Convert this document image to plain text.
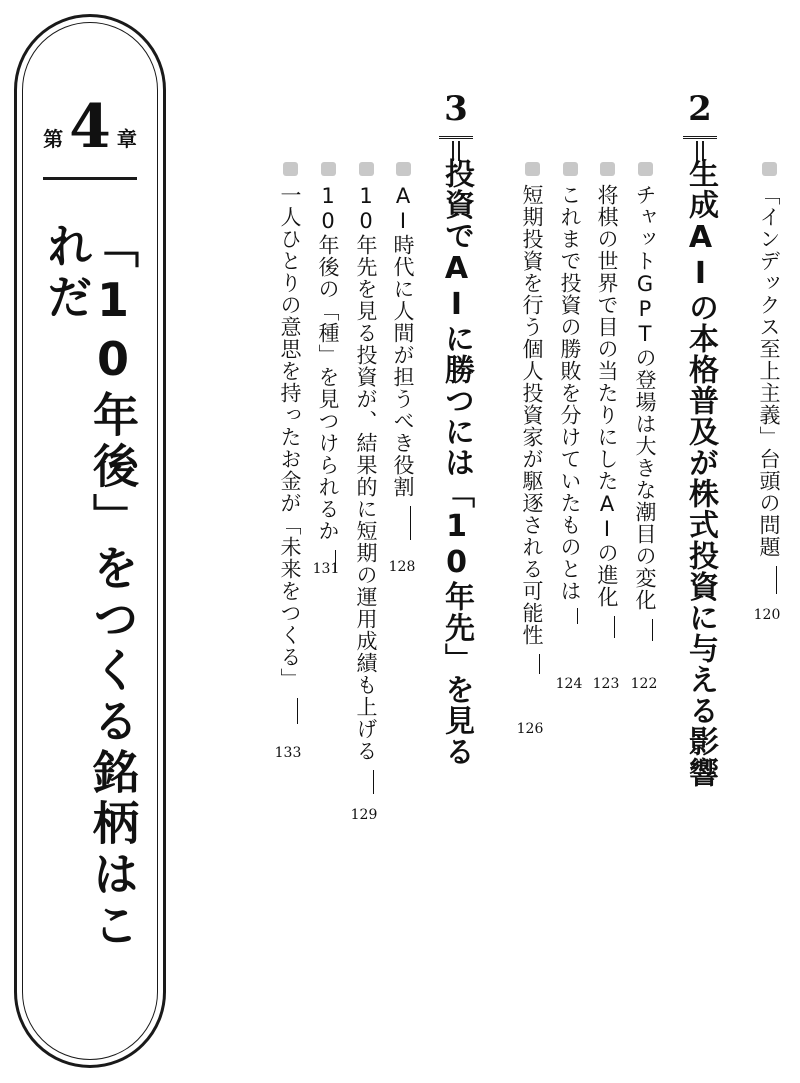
第 4 章
「10年後」をつくる銘柄はこれだ
2
生成AIの本格普及が株式投資に与える影響 「インデックス至上主義」台頭の問題
120
チャットGPTの登場は大きな潮目の変化
122
将棋の世界で目の当たりにしたAIの進化
123
これまで投資の勝敗を分けていたものとは
124
短期投資を行う個人投資家が駆逐される可能性
126
3
投資でAIに勝つには「10年先」を見る
AI時代に人間が担うべき役割
128
10年先を見る投資が、結果的に短期の運用成績も上げる
129
10年後の「種」を見つけられるか
131
一人ひとりの意思を持ったお金が「未来をつくる」
133
